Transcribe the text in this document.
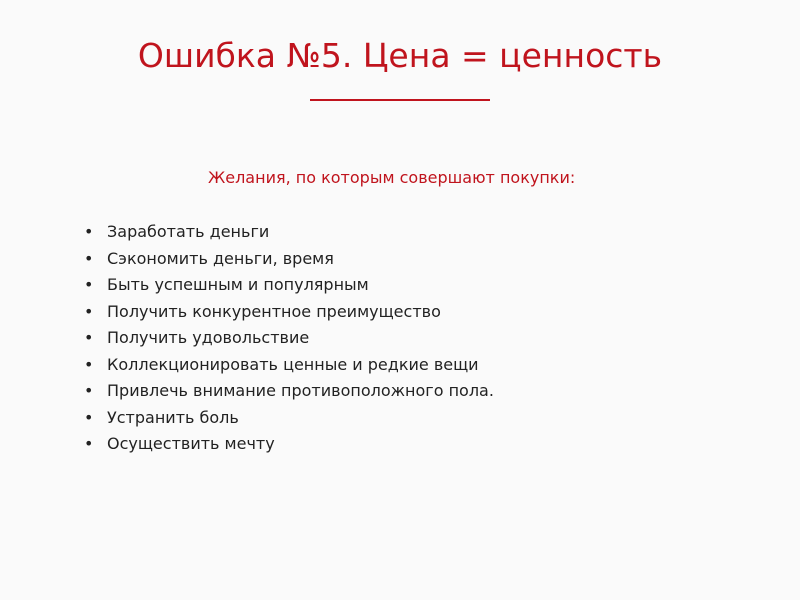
Ошибка №5. Цена = ценность
Желания, по которым совершают покупки:
• Заработать деньги
• Сэкономить деньги, время
• Быть успешным и популярным
• Получить конкурентное преимущество
• Получить удовольствие
• Коллекционировать ценные и редкие вещи
• Привлечь внимание противоположного пола.
• Устранить боль
• Осуществить мечту
